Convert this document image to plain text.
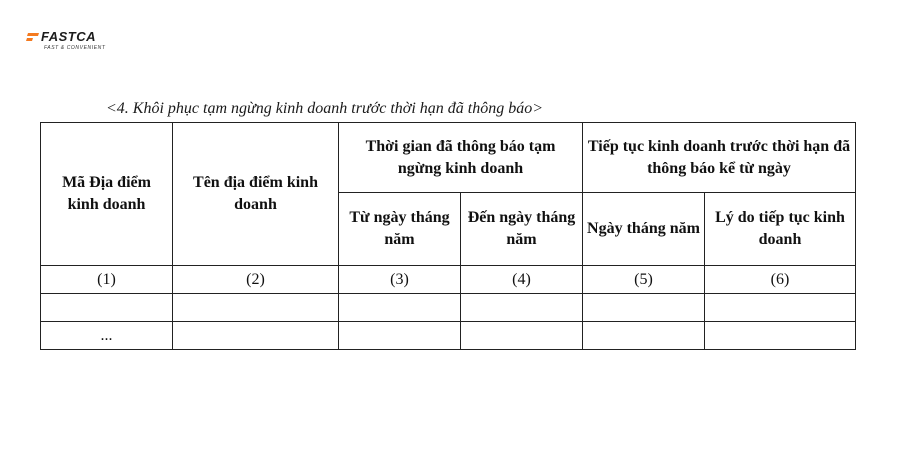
FASTCA
FAST & CONVENIENT
<4. Khôi phục tạm ngừng kinh doanh trước thời hạn đã thông báo>
Mã Địa điểm kinh doanh	Tên địa điểm kinh doanh	Thời gian đã thông báo tạm ngừng kinh doanh		Tiếp tục kinh doanh trước thời hạn đã thông báo kể từ ngày	
		Từ ngày tháng năm	Đến ngày tháng năm	Ngày tháng năm	Lý do tiếp tục kinh doanh
(1)	(2)	(3)	(4)	(5)	(6)

...					
